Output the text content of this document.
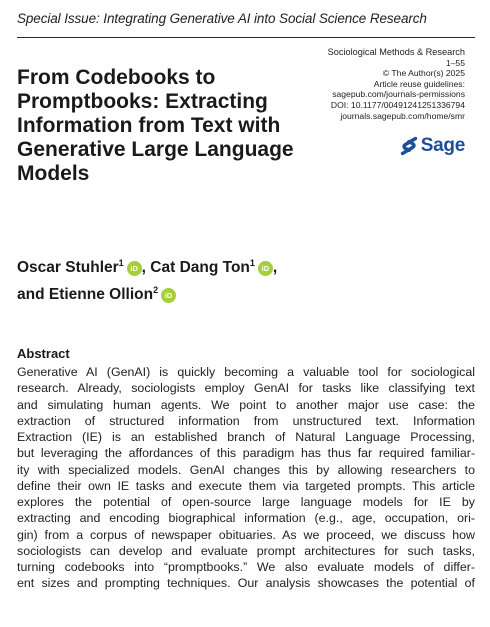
Special Issue: Integrating Generative AI into Social Science Research
From Codebooks to Promptbooks: Extracting Information from Text with Generative Large Language Models
Sociological Methods & Research
1–55
© The Author(s) 2025
Article reuse guidelines:
sagepub.com/journals-permissions
DOI: 10.1177/00491241251336794
journals.sagepub.com/home/smr
Sage
Oscar Stuhler$^1$iD , Cat Dang Ton$^1$iD ,
and Etienne Ollion$^2$iD
Abstract
Generative AI (GenAI) is quickly becoming a valuable tool for sociological
research. Already, sociologists employ GenAI for tasks like classifying text
and simulating human agents. We point to another major use case: the
extraction of structured information from unstructured text. Information
Extraction (IE) is an established branch of Natural Language Processing,
but leveraging the affordances of this paradigm has thus far required familiar-
ity with specialized models. GenAI changes this by allowing researchers to
define their own IE tasks and execute them via targeted prompts. This article
explores the potential of open-source large language models for IE by
extracting and encoding biographical information (e.g., age, occupation, ori-
gin) from a corpus of newspaper obituaries. As we proceed, we discuss how
sociologists can develop and evaluate prompt architectures for such tasks,
turning codebooks into “promptbooks.” We also evaluate models of differ-
ent sizes and prompting techniques. Our analysis showcases the potential of
